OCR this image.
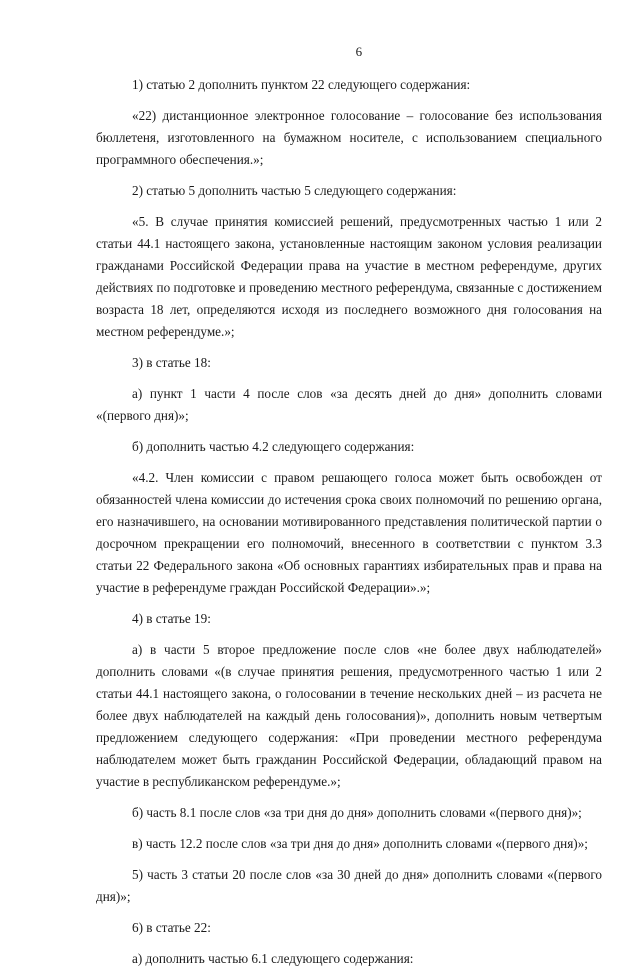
6

1) статью 2 дополнить пунктом 22 следующего содержания:

«22) дистанционное электронное голосование – голосование без использования бюллетеня, изготовленного на бумажном носителе, с использованием специального программного обеспечения.»;

2) статью 5 дополнить частью 5 следующего содержания:

«5. В случае принятия комиссией решений, предусмотренных частью 1 или 2 статьи 44.1 настоящего закона, установленные настоящим законом условия реализации гражданами Российской Федерации права на участие в местном референдуме, других действиях по подготовке и проведению местного референдума, связанные с достижением возраста 18 лет, определяются исходя из последнего возможного дня голосования на местном референдуме.»;

3) в статье 18:

а) пункт 1 части 4 после слов «за десять дней до дня» дополнить словами «(первого дня)»;

б) дополнить частью 4.2 следующего содержания:

«4.2. Член комиссии с правом решающего голоса может быть освобожден от обязанностей члена комиссии до истечения срока своих полномочий по решению органа, его назначившего, на основании мотивированного представления политической партии о досрочном прекращении его полномочий, внесенного в соответствии с пунктом 3.3 статьи 22 Федерального закона «Об основных гарантиях избирательных прав и права на участие в референдуме граждан Российской Федерации».»;

4) в статье 19:

а) в части 5 второе предложение после слов «не более двух наблюдателей» дополнить словами «(в случае принятия решения, предусмотренного частью 1 или 2 статьи 44.1 настоящего закона, о голосовании в течение нескольких дней – из расчета не более двух наблюдателей на каждый день голосования)», дополнить новым четвертым предложением следующего содержания: «При проведении местного референдума наблюдателем может быть гражданин Российской Федерации, обладающий правом на участие в республиканском референдуме.»;

б) часть 8.1 после слов «за три дня до дня» дополнить словами «(первого дня)»;

в) часть 12.2 после слов «за три дня до дня» дополнить словами «(первого дня)»;

5) часть 3 статьи 20 после слов «за 30 дней до дня» дополнить словами «(первого дня)»;

6) в статье 22:

а) дополнить частью 6.1 следующего содержания:
